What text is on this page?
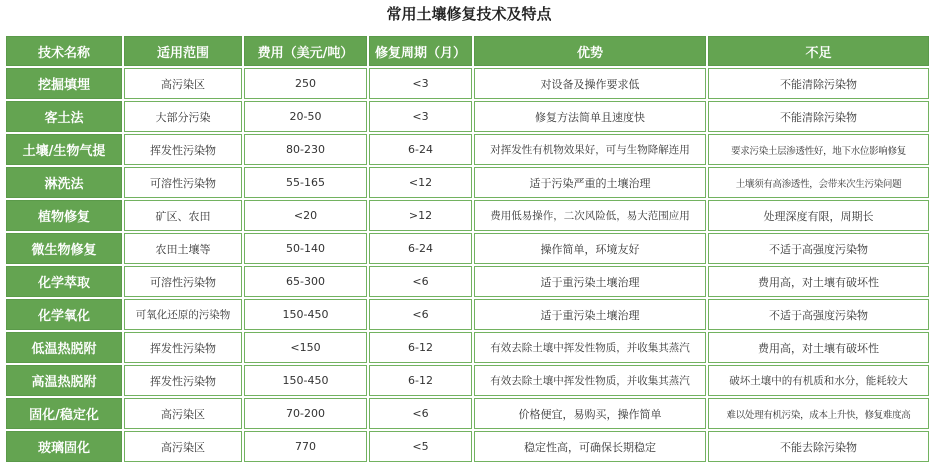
常用土壤修复技术及特点
技术名称	适用范围	费用（美元/吨）	修复周期（月）	优势	不足
挖掘填埋	高污染区	250	<3	对设备及操作要求低	不能清除污染物
客土法	大部分污染	20-50	<3	修复方法简单且速度快	不能清除污染物
土壤/生物气提	挥发性污染物	80-230	6-24	对挥发性有机物效果好，可与生物降解连用	要求污染土层渗透性好，地下水位影响修复
淋洗法	可溶性污染物	55-165	<12	适于污染严重的土壤治理	土壤须有高渗透性，会带来次生污染问题
植物修复	矿区、农田	<20	>12	费用低易操作，二次风险低，易大范围应用	处理深度有限，周期长
微生物修复	农田土壤等	50-140	6-24	操作简单，环境友好	不适于高强度污染物
化学萃取	可溶性污染物	65-300	<6	适于重污染土壤治理	费用高，对土壤有破坏性
化学氧化	可氧化还原的污染物	150-450	<6	适于重污染土壤治理	不适于高强度污染物
低温热脱附	挥发性污染物	<150	6-12	有效去除土壤中挥发性物质，并收集其蒸汽	费用高，对土壤有破坏性
高温热脱附	挥发性污染物	150-450	6-12	有效去除土壤中挥发性物质，并收集其蒸汽	破坏土壤中的有机质和水分，能耗较大
固化/稳定化	高污染区	70-200	<6	价格便宜，易购买，操作简单	难以处理有机污染，成本上升快，修复难度高
玻璃固化	高污染区	770	<5	稳定性高，可确保长期稳定	不能去除污染物
